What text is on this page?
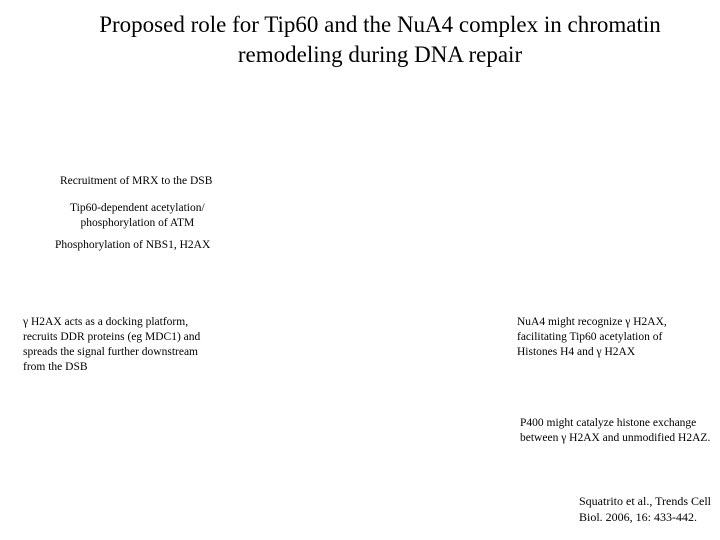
Proposed role for Tip60 and the NuA4 complex in chromatin
remodeling during DNA repair
Recruitment of MRX to the DSB
Tip60-dependent acetylation/
phosphorylation of ATM
Phosphorylation of NBS1, H2AX
γ H2AX acts as a docking platform,
recruits DDR proteins (eg MDC1) and
spreads the signal further downstream
from the DSB
NuA4 might recognize γ H2AX,
facilitating Tip60 acetylation of
Histones H4 and γ H2AX
P400 might catalyze histone exchange
between γ H2AX and unmodified H2AZ.
Squatrito et al., Trends Cell
Biol. 2006, 16: 433-442.
